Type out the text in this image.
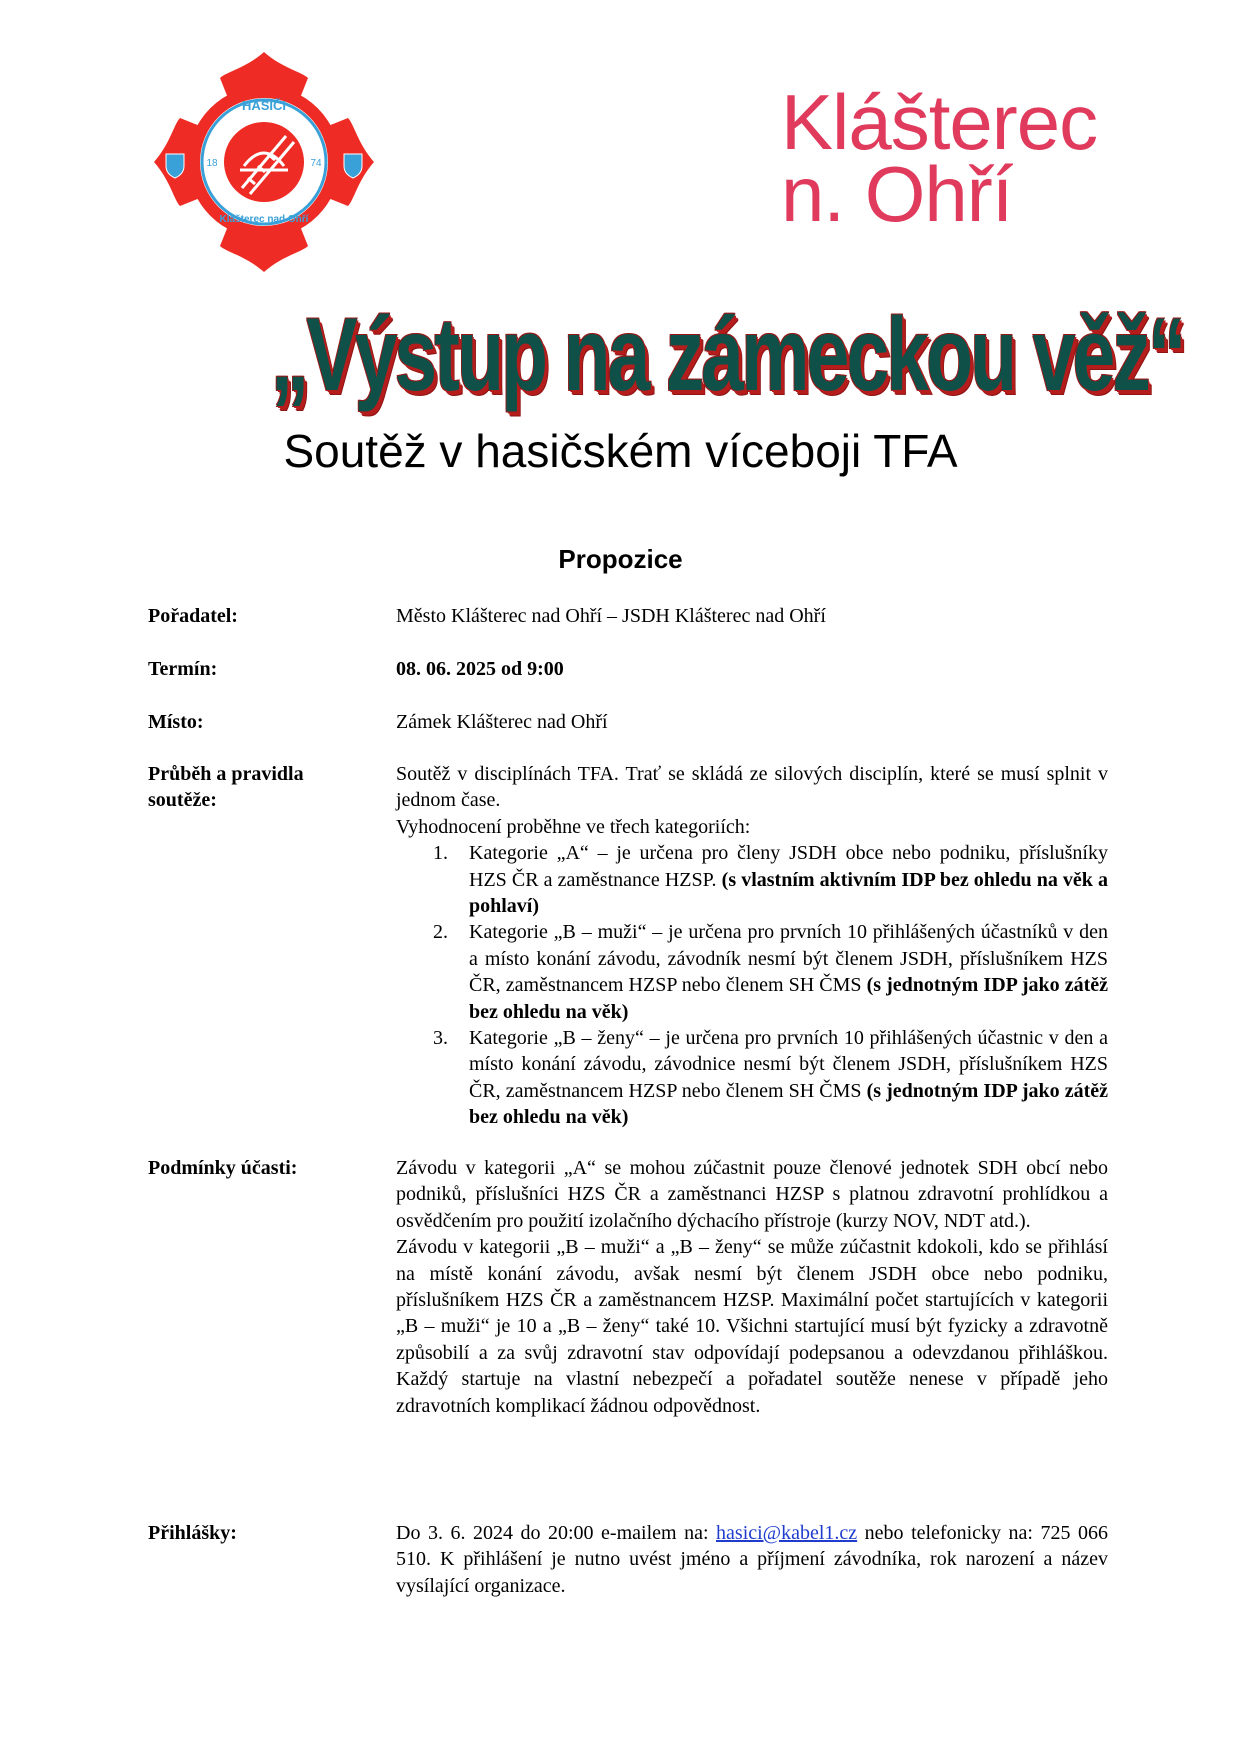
HASIČI
Klášterec nad Ohří
18	74	Klášterec
n. Ohří
„Výstup na zámeckou věž“
Soutěž v hasičském víceboji TFA
Propozice
Pořadatel:	Město Klášterec nad Ohří – JSDH Klášterec nad Ohří
Termín:	08. 06. 2025 od 9:00
Místo:	Zámek Klášterec nad Ohří
Průběh a pravidla soutěže:

Soutěž v disciplínách TFA. Trať se skládá ze silových disciplín, které se musí splnit v jednom čase.

Vyhodnocení proběhne ve třech kategoriích:

1. Kategorie „A“ – je určena pro členy JSDH obce nebo podniku, příslušníky HZS ČR a zaměstnance HZSP. (s vlastním aktivním IDP bez ohledu na věk a pohlaví)
2. Kategorie „B – muži“ – je určena pro prvních 10 přihlášených účastníků v den a místo konání závodu, závodník nesmí být členem JSDH, příslušníkem HZS ČR, zaměstnancem HZSP nebo členem SH ČMS (s jednotným IDP jako zátěž bez ohledu na věk)
3. Kategorie „B – ženy“ – je určena pro prvních 10 přihlášených účastnic v den a místo konání závodu, závodnice nesmí být členem JSDH, příslušníkem HZS ČR, zaměstnancem HZSP nebo členem SH ČMS (s jednotným IDP jako zátěž bez ohledu na věk)
Podmínky účasti:	Závodu v kategorii „A“ se mohou zúčastnit pouze členové jednotek SDH obcí nebo podniků, příslušníci HZS ČR a zaměstnanci HZSP s platnou zdravotní prohlídkou a osvědčením pro použití izolačního dýchacího přístroje (kurzy NOV, NDT atd.).

Závodu v kategorii „B – muži“ a „B – ženy“ se může zúčastnit kdokoli, kdo se přihlásí na místě konání závodu, avšak nesmí být členem JSDH obce nebo podniku, příslušníkem HZS ČR a zaměstnancem HZSP. Maximální počet startujících v kategorii „B – muži“ je 10 a „B – ženy“ také 10. Všichni startující musí být fyzicky a zdravotně způsobilí a za svůj zdravotní stav odpovídají podepsanou a odevzdanou přihláškou. Každý startuje na vlastní nebezpečí a pořadatel soutěže nenese v případě jeho zdravotních komplikací žádnou odpovědnost.

Přihlášky:	Do 3. 6. 2024 do 20:00 e-mailem na: hasici@kabel1.cz nebo telefonicky na: 725 066 510. K přihlášení je nutno uvést jméno a příjmení závodníka, rok narození a název vysílající organizace.
